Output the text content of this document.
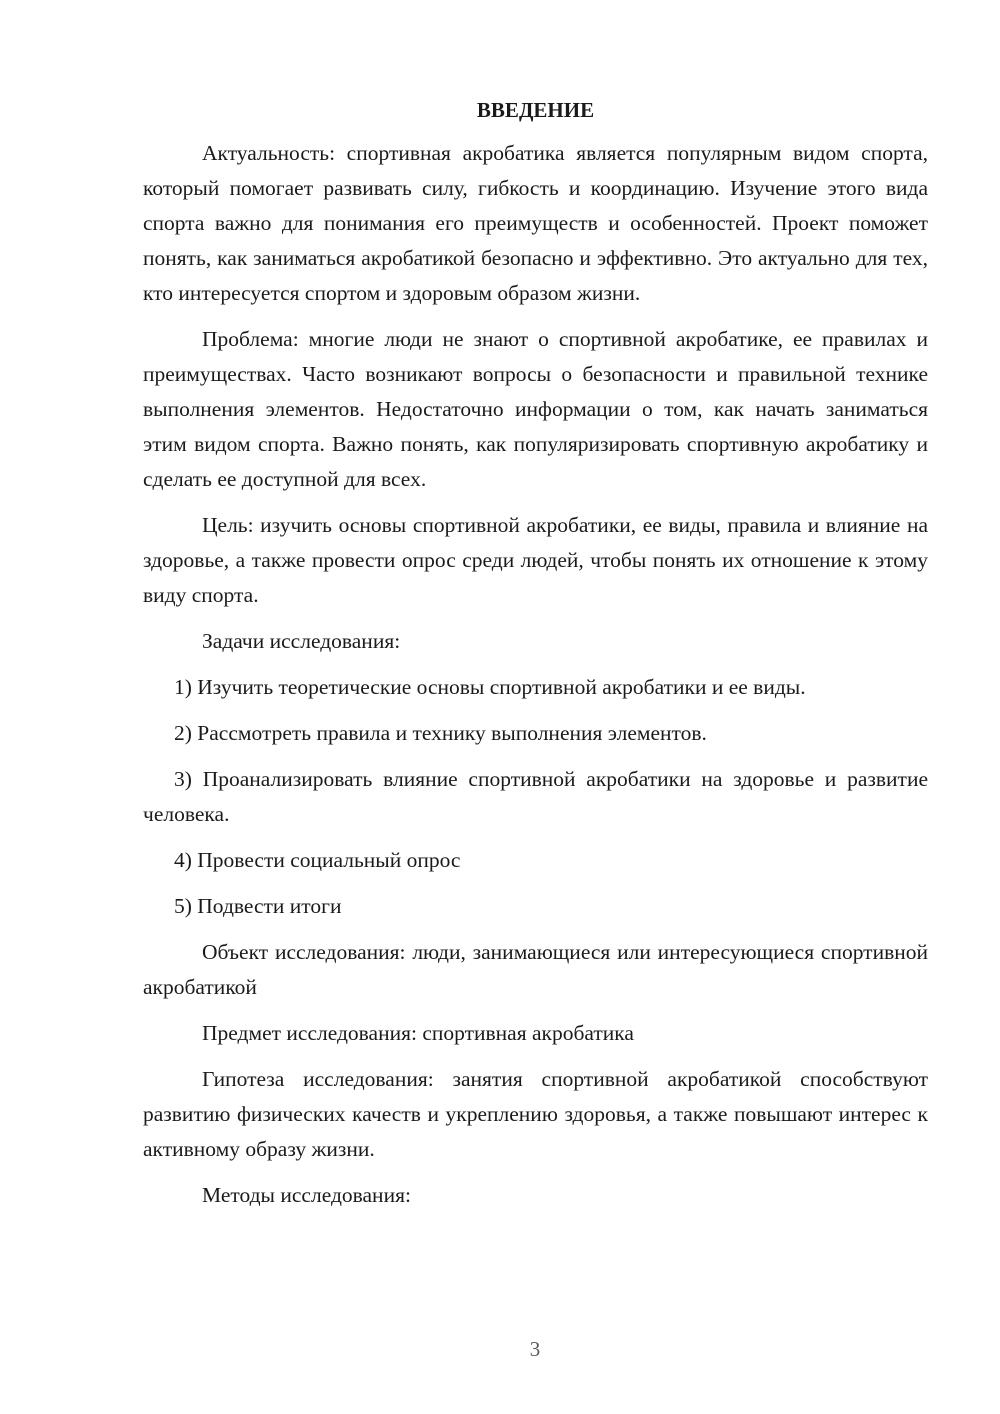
ВВЕДЕНИЕ

Актуальность: спортивная акробатика является популярным видом спорта, который помогает развивать силу, гибкость и координацию. Изучение этого вида спорта важно для понимания его преимуществ и особенностей. Проект поможет понять, как заниматься акробатикой безопасно и эффективно. Это актуально для тех, кто интересуется спортом и здоровым образом жизни.

Проблема: многие люди не знают о спортивной акробатике, ее правилах и преимуществах. Часто возникают вопросы о безопасности и правильной технике выполнения элементов. Недостаточно информации о том, как начать заниматься этим видом спорта. Важно понять, как популяризировать спортивную акробатику и сделать ее доступной для всех.

Цель: изучить основы спортивной акробатики, ее виды, правила и влияние на здоровье, а также провести опрос среди людей, чтобы понять их отношение к этому виду спорта.

Задачи исследования:

1) Изучить теоретические основы спортивной акробатики и ее виды.

2) Рассмотреть правила и технику выполнения элементов.

3) Проанализировать влияние спортивной акробатики на здоровье и развитие человека.

4) Провести социальный опрос

5) Подвести итоги

Объект исследования: люди, занимающиеся или интересующиеся спортивной акробатикой

Предмет исследования: спортивная акробатика

Гипотеза исследования: занятия спортивной акробатикой способствуют развитию физических качеств и укреплению здоровья, а также повышают интерес к активному образу жизни.

Методы исследования:

3
